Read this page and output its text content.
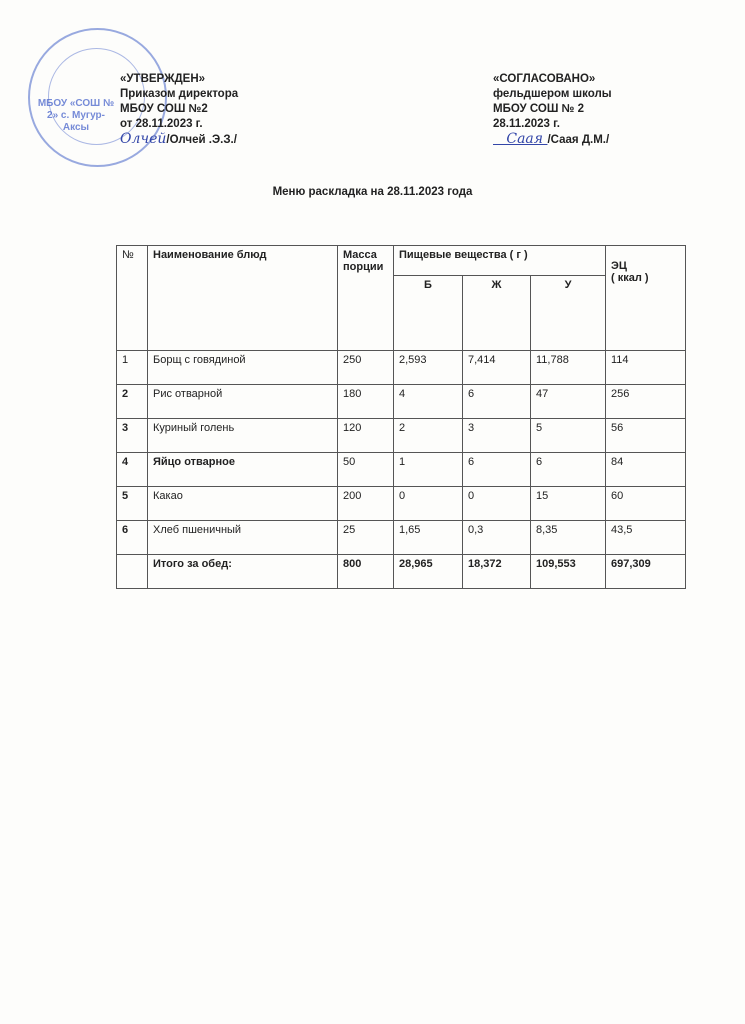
МБОУ «СОШ № 2» с. Мугур-Аксы
«УТВЕРЖДЕН»
Приказом директора
МБОУ СОШ №2
от 28.11.2023 г.
Олчей/Олчей .Э.З./
«СОГЛАСОВАНО»
фельдшером школы
МБОУ СОШ № 2
28.11.2023 г.
Саая /Саая Д.М./
Меню раскладка на 28.11.2023 года
№	Наименование блюд	Масса порции	Пищевые вещества ( г )			ЭЦ
( ккал )

			Б	Ж	У	
1	Борщ с говядиной	250	2,593	7,414	11,788	114
2	Рис отварной	180	4	6	47	256
3	Куриный голень	120	2	3	5	56
4	Яйцо отварное	50	1	6	6	84
5	Какао	200	0	0	15	60
6	Хлеб пшеничный	25	1,65	0,3	8,35	43,5
	Итого за обед:	800	28,965	18,372	109,553	697,309
